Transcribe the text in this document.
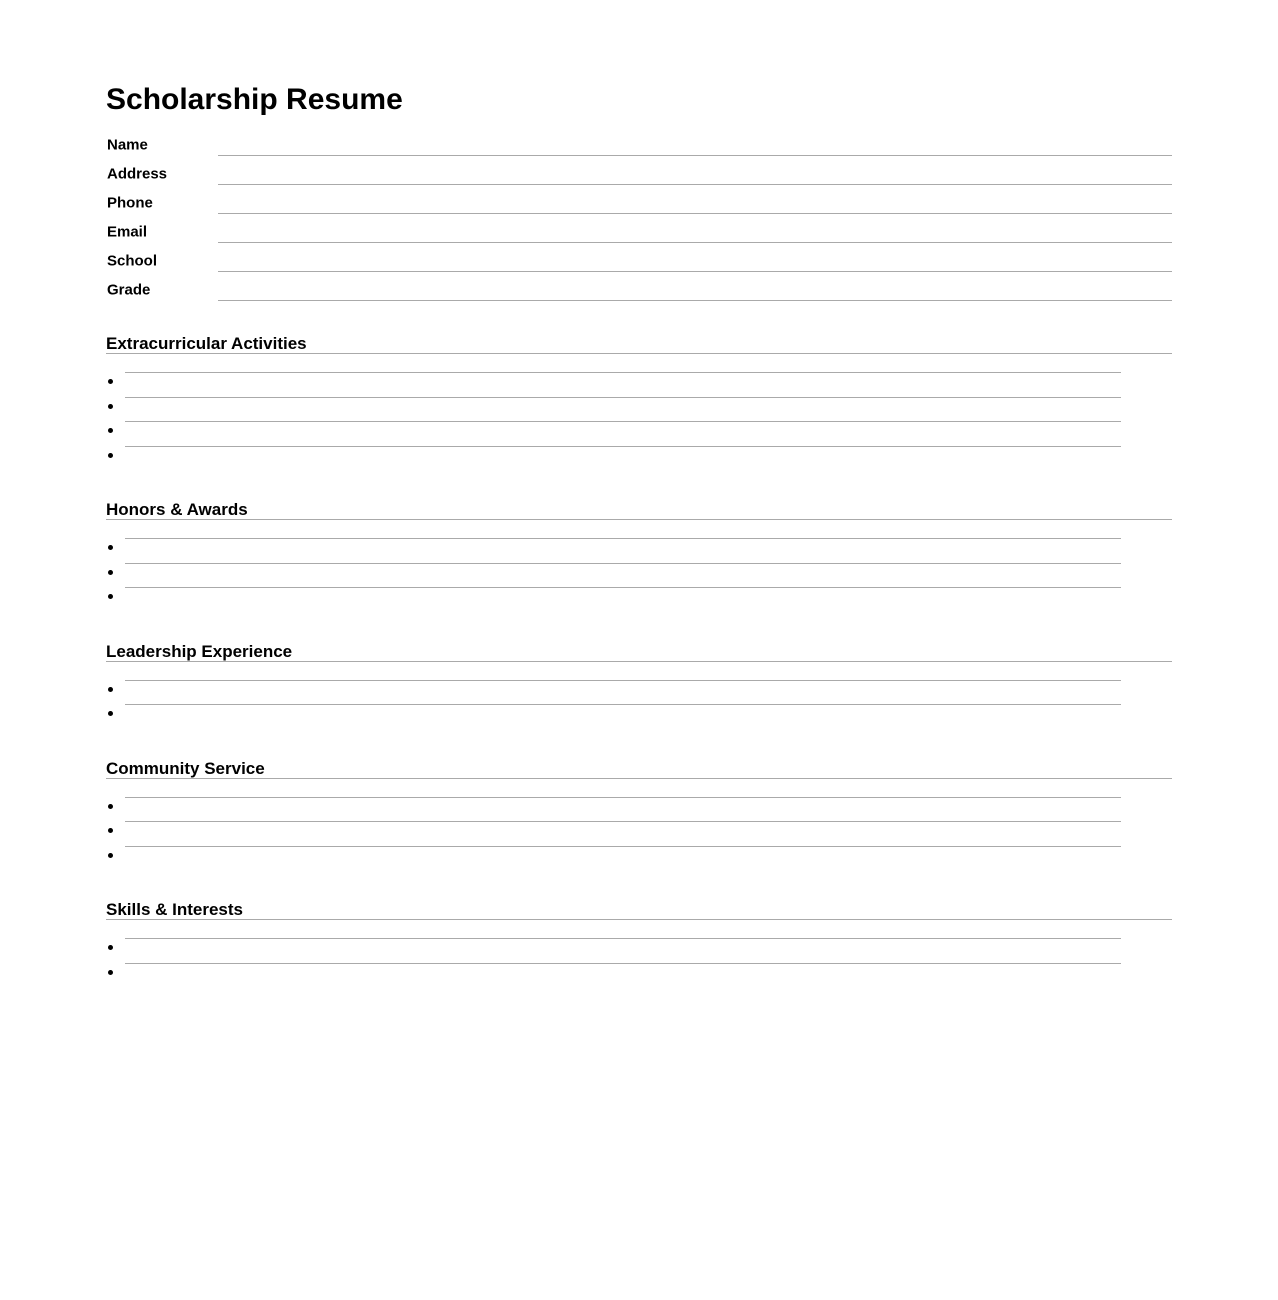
Scholarship Resume
Name
Address
Phone
Email
School
Grade
Extracurricular Activities
Honors & Awards
Leadership Experience
Community Service
Skills & Interests
